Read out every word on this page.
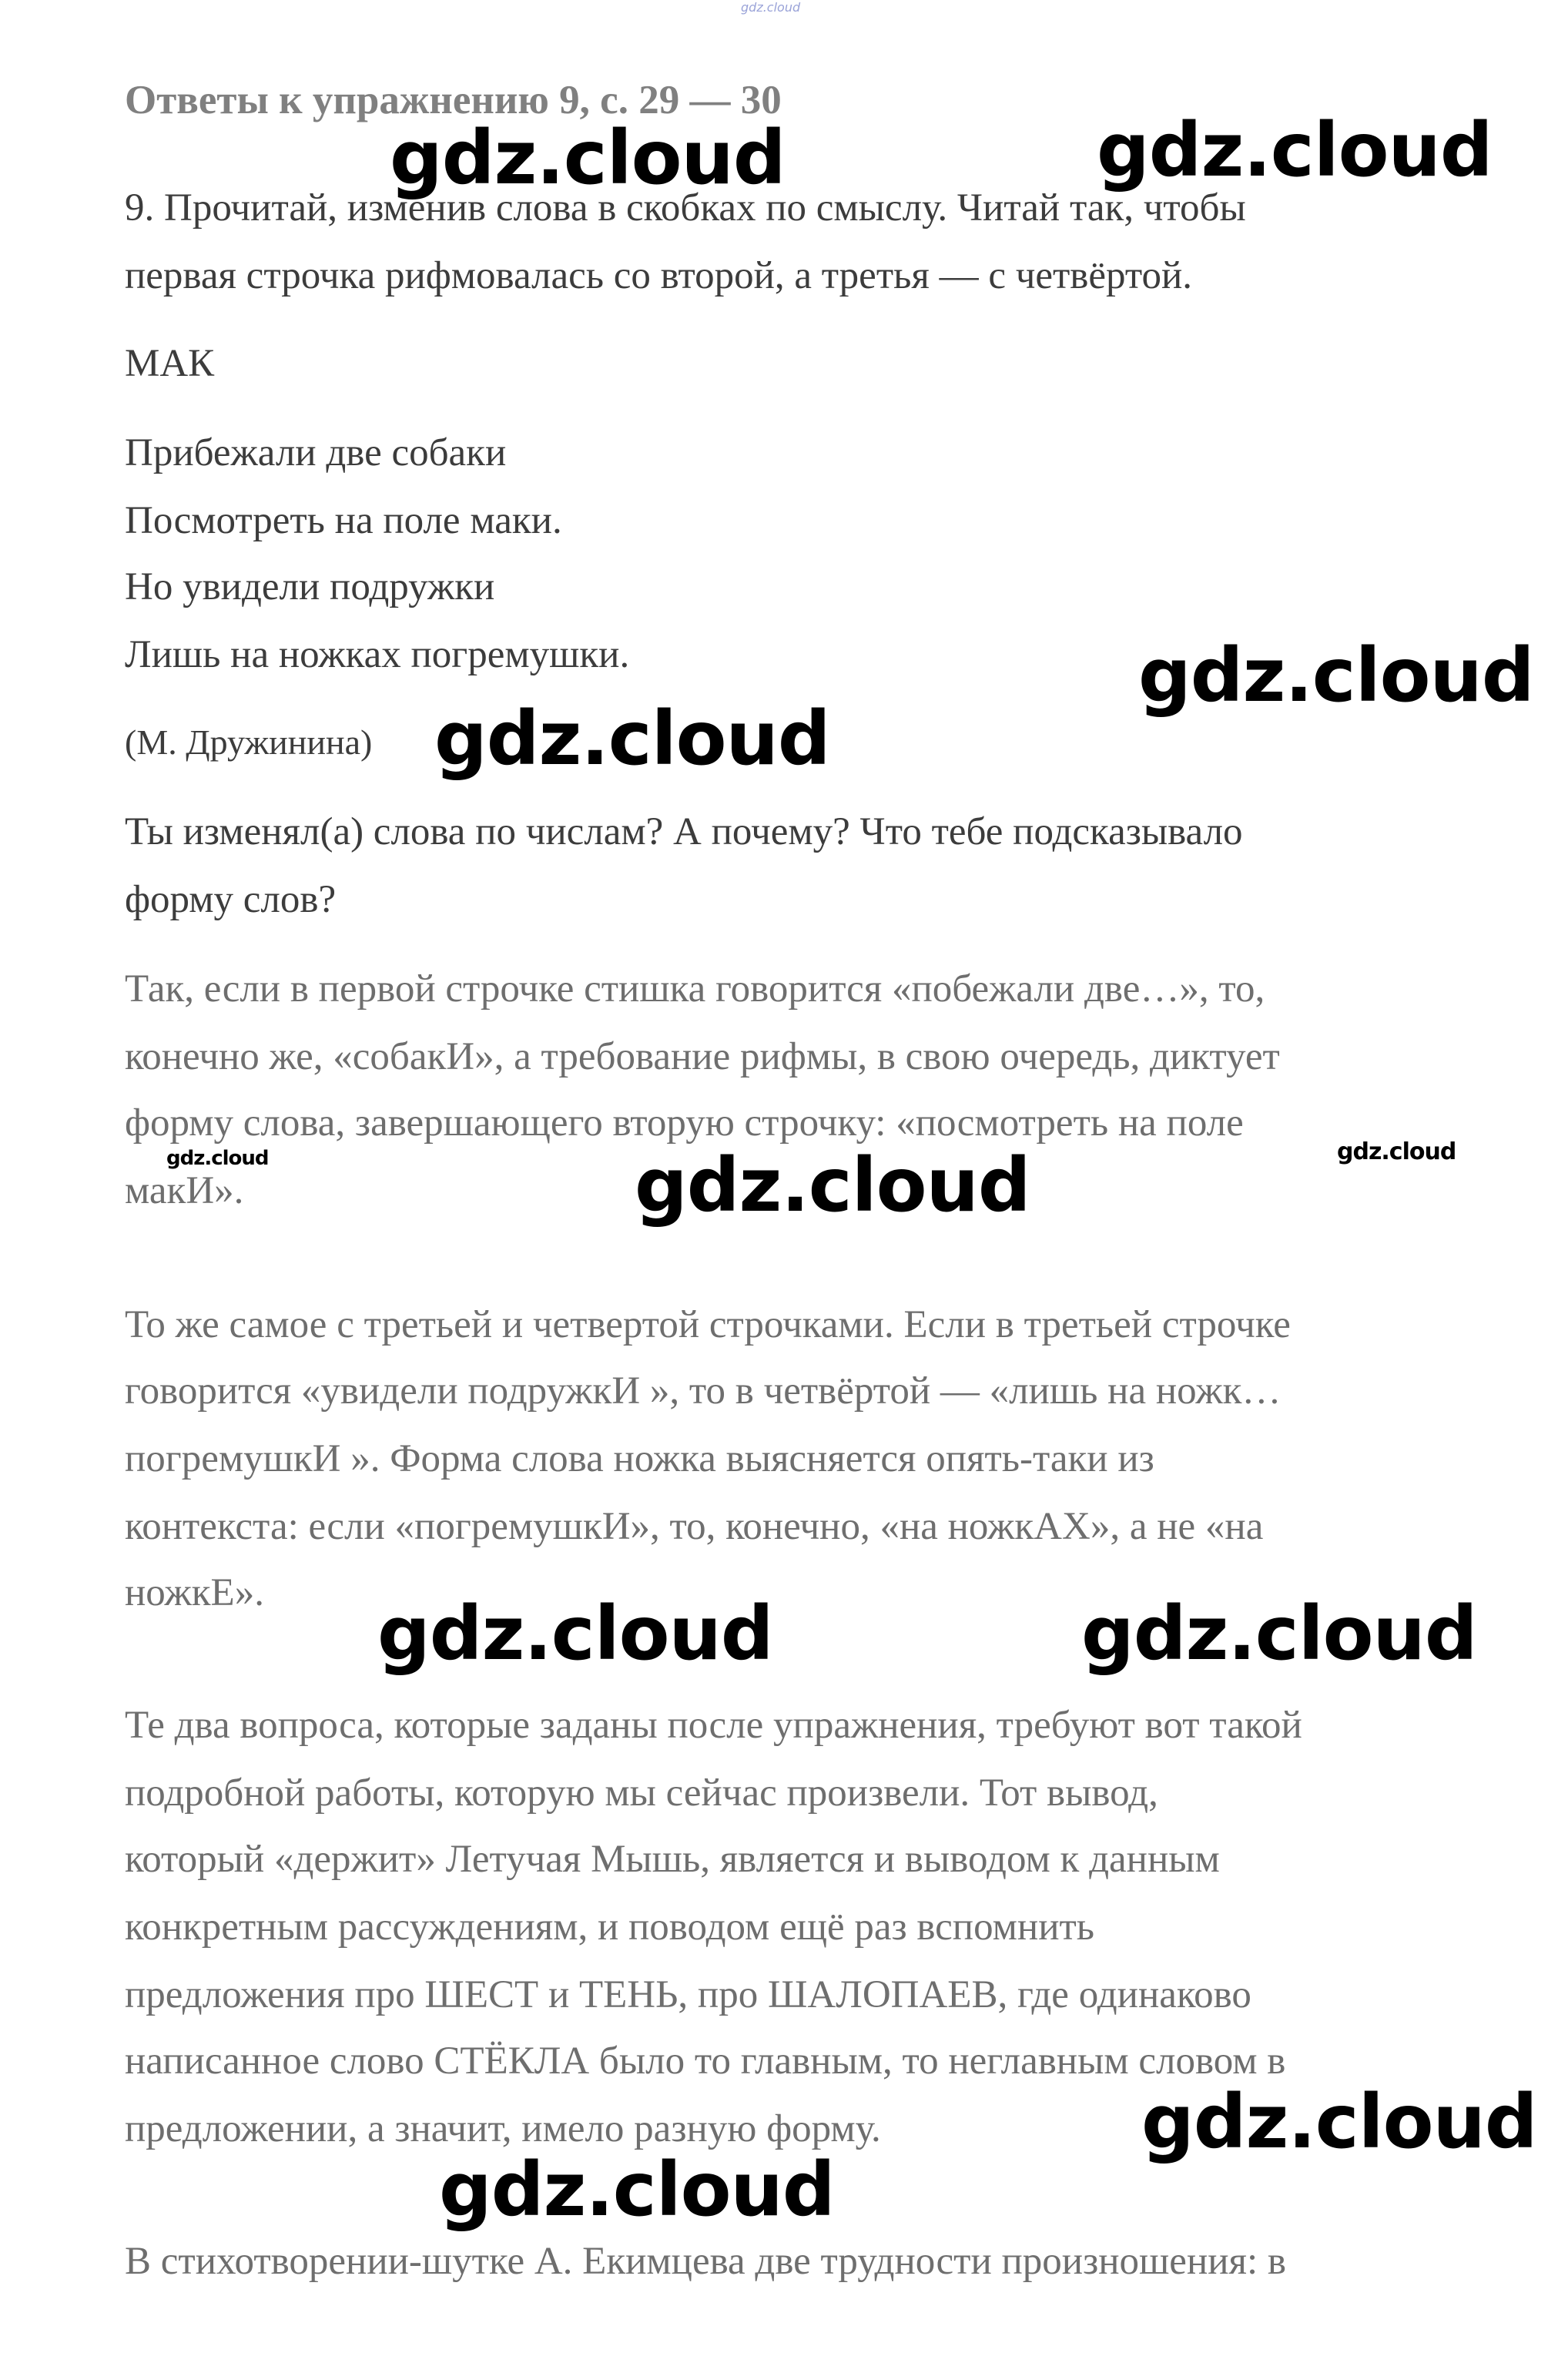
gdz.cloud
Ответы к упражнению 9, с. 29 — 30
9. Прочитай, изменив слова в скобках по смыслу. Читай так, чтобы
первая строчка рифмовалась со второй, а третья — с четвёртой.
МАК
Прибежали две собаки
Посмотреть на поле маки.
Но увидели подружки
Лишь на ножках погремушки.
(М. Дружинина)
Ты изменял(а) слова по числам? А почему? Что тебе подсказывало
форму слов?
Так, если в первой строчке стишка говорится «побежали две…», то,
конечно же, «собакИ», а требование рифмы, в свою очередь, диктует
форму слова, завершающего вторую строчку: «посмотреть на поле
макИ».
То же самое с третьей и четвертой строчками. Если в третьей строчке
говорится «увидели подружкИ », то в четвёртой — «лишь на ножк…
погремушкИ ». Форма слова ножка выясняется опять-таки из
контекста: если «погремушкИ», то, конечно, «на ножкАХ», а не «на
ножкЕ».
Те два вопроса, которые заданы после упражнения, требуют вот такой
подробной работы, которую мы сейчас произвели. Тот вывод,
который «держит» Летучая Мышь, является и выводом к данным
конкретным рассуждениям, и поводом ещё раз вспомнить
предложения про ШЕСТ и ТЕНЬ, про ШАЛОПАЕВ, где одинаково
написанное слово СТЁКЛА было то главным, то неглавным словом в
предложении, а значит, имело разную форму.
В стихотворении-шутке А. Екимцева две трудности произношения: в
gdz.cloud	gdz.cloud
gdz.cloud
gdz.cloud
gdz.cloud	gdz.cloud	gdz.cloud
gdz.cloud	gdz.cloud
gdz.cloud
gdz.cloud
